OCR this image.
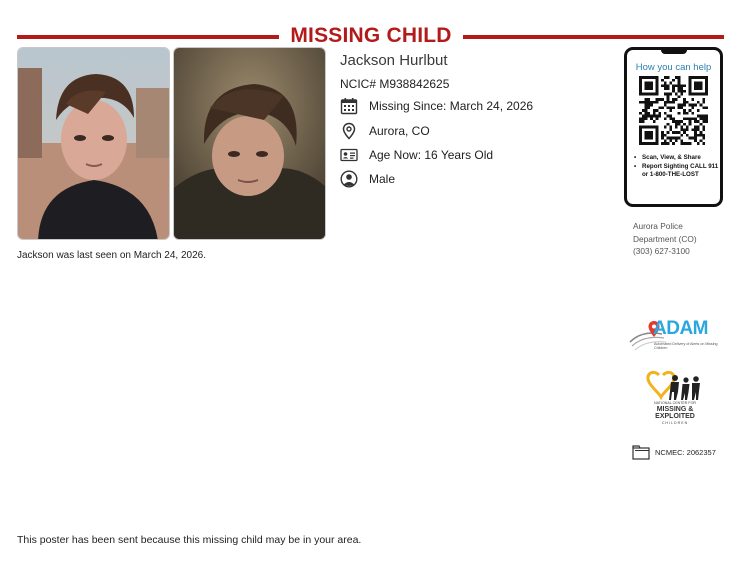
MISSING CHILD
Jackson Hurlbut
NCIC# M938842625
Missing Since: March 24, 2026
Aurora, CO
Age Now: 16 Years Old
Male
Jackson was last seen on March 24, 2026.
How you can help
• Scan, View, & Share
• Report Sighting CALL 911 or 1-800-THE-LOST
Aurora Police
Department (CO)
(303) 627-3100
ADAM
Automated Delivery of Alerts on Missing Children
NATIONAL CENTER FOR
MISSING &
EXPLOITED
CHILDREN
NCMEC: 2062357
This poster has been sent because this missing child may be in your area.
